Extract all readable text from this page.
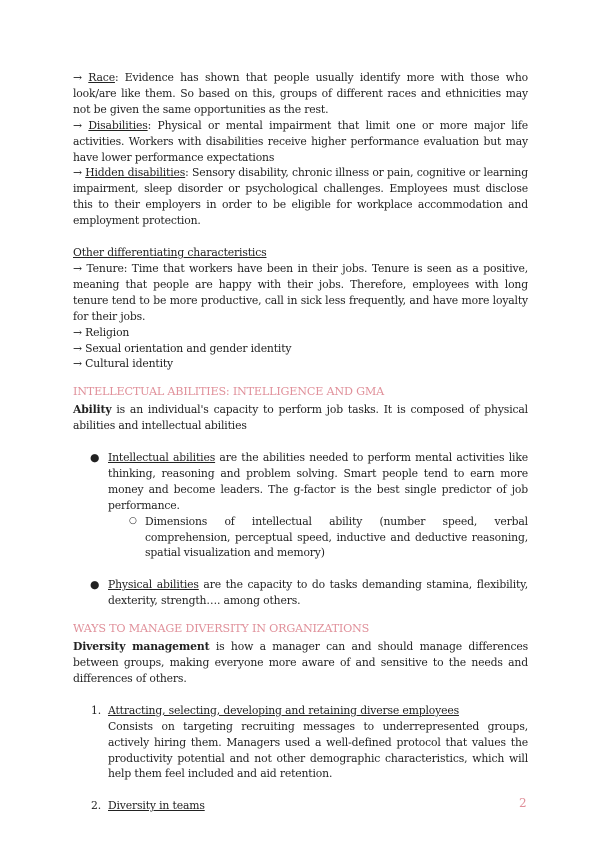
→ Race: Evidence has shown that people usually identify more with those who look/are like them. So based on this, groups of different races and ethnicities may not be given the same opportunities as the rest.

→ Disabilities: Physical or mental impairment that limit one or more major life activities. Workers with disabilities receive higher performance evaluation but may have lower performance expectations

→ Hidden disabilities: Sensory disability, chronic illness or pain, cognitive or learning impairment, sleep disorder or psychological challenges. Employees must disclose this to their employers in order to be eligible for workplace accommodation and employment protection.

Other differentiating characteristics

→ Tenure: Time that workers have been in their jobs. Tenure is seen as a positive, meaning that people are happy with their jobs. Therefore, employees with long tenure tend to be more productive, call in sick less frequently, and have more loyalty for their jobs.

→ Religion

→ Sexual orientation and gender identity

→ Cultural identity

INTELLECTUAL ABILITIES: INTELLIGENCE AND GMA

Ability is an individual's capacity to perform job tasks. It is composed of physical abilities and intellectual abilities

● Intellectual abilities are the abilities needed to perform mental activities like thinking, reasoning and problem solving. Smart people tend to earn more money and become leaders. The g-factor is the best single predictor of job performance.

○ Dimensions of intellectual ability (number speed, verbal comprehension, perceptual speed, inductive and deductive reasoning, spatial visualization and memory)

● Physical abilities are the capacity to do tasks demanding stamina, flexibility, dexterity, strength…. among others.

WAYS TO MANAGE DIVERSITY IN ORGANIZATIONS

Diversity management is how a manager can and should manage differences between groups, making everyone more aware of and sensitive to the needs and differences of others.

1. Attracting, selecting, developing and retaining diverse employees

Consists on targeting recruiting messages to underrepresented groups, actively hiring them. Managers used a well-defined protocol that values the productivity potential and not other demographic characteristics, which will help them feel included and aid retention.

2. Diversity in teams	2
